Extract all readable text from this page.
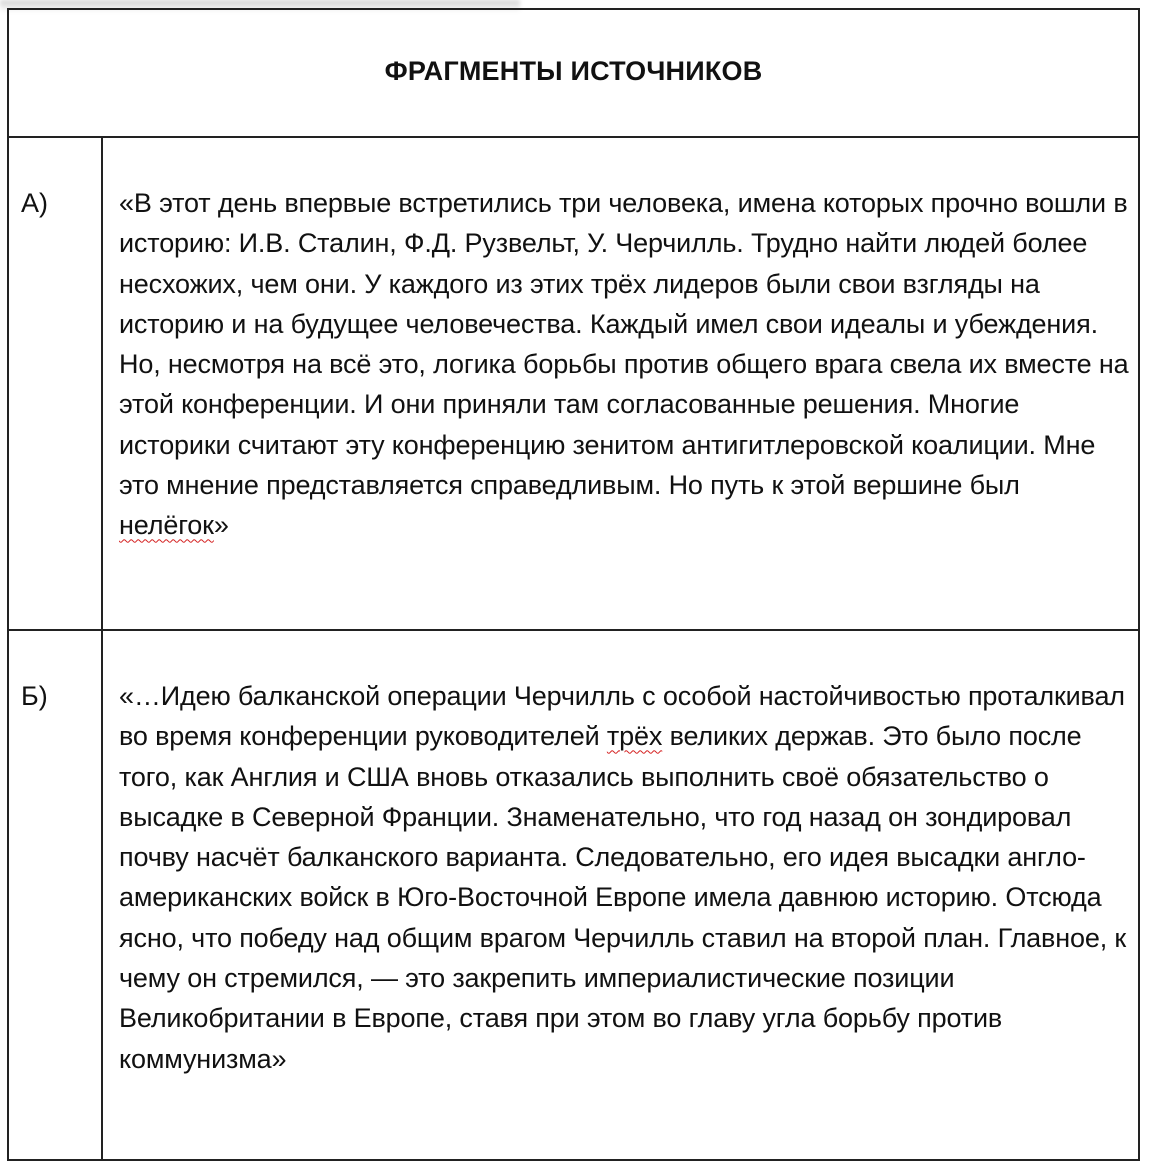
ФРАГМЕНТЫ ИСТОЧНИКОВ
А)	«В этот день впервые встретились три человека, имена которых прочно вошли в историю: И.В. Сталин, Ф.Д. Рузвельт, У. Черчилль. Трудно найти людей более несхожих, чем они. У каждого из этих трёх лидеров были свои взгляды на историю и на будущее человечества. Каждый имел свои идеалы и убеждения. Но, несмотря на всё это, логика борьбы против общего врага свела их вместе на этой конференции. И они приняли там согласованные решения. Многие историки считают эту конференцию зенитом антигитлеровской коалиции. Мне это мнение представляется справедливым. Но путь к этой вершине был нелёгок»

Б)	«…Идею балканской операции Черчилль с особой настойчивостью проталкивал во время конференции руководителей трёх великих держав. Это было после того, как Англия и США вновь отказались выполнить своё обязательство о высадке в Северной Франции. Знаменательно, что год назад он зондировал почву насчёт балканского варианта. Следовательно, его идея высадки англо-американских войск в Юго-Восточной Европе имела давнюю историю. Отсюда ясно, что победу над общим врагом Черчилль ставил на второй план. Главное, к чему он стремился, — это закрепить империалистические позиции Великобритании в Европе, ставя при этом во главу угла борьбу против коммунизма»
